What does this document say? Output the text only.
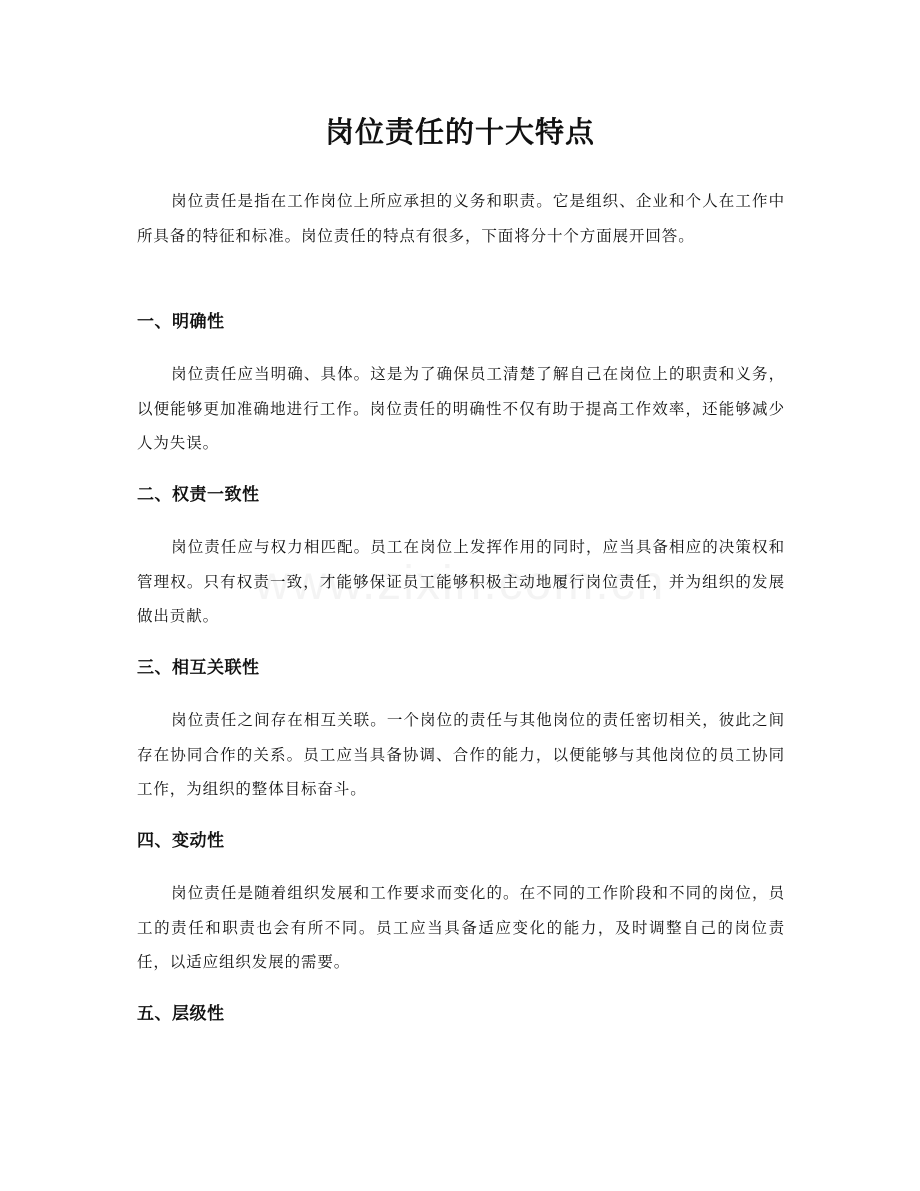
岗位责任的十大特点

岗位责任是指在工作岗位上所应承担的义务和职责。它是组织、企业和个人在工作中所具备的特征和标准。岗位责任的特点有很多，下面将分十个方面展开回答。

一、明确性

岗位责任应当明确、具体。这是为了确保员工清楚了解自己在岗位上的职责和义务，以便能够更加准确地进行工作。岗位责任的明确性不仅有助于提高工作效率，还能够减少人为失误。

二、权责一致性

岗位责任应与权力相匹配。员工在岗位上发挥作用的同时，应当具备相应的决策权和管理权。只有权责一致，才能够保证员工能够积极主动地履行岗位责任，并为组织的发展做出贡献。

三、相互关联性

岗位责任之间存在相互关联。一个岗位的责任与其他岗位的责任密切相关，彼此之间存在协同合作的关系。员工应当具备协调、合作的能力，以便能够与其他岗位的员工协同工作，为组织的整体目标奋斗。

四、变动性

岗位责任是随着组织发展和工作要求而变化的。在不同的工作阶段和不同的岗位，员工的责任和职责也会有所不同。员工应当具备适应变化的能力，及时调整自己的岗位责任，以适应组织发展的需要。

五、层级性
